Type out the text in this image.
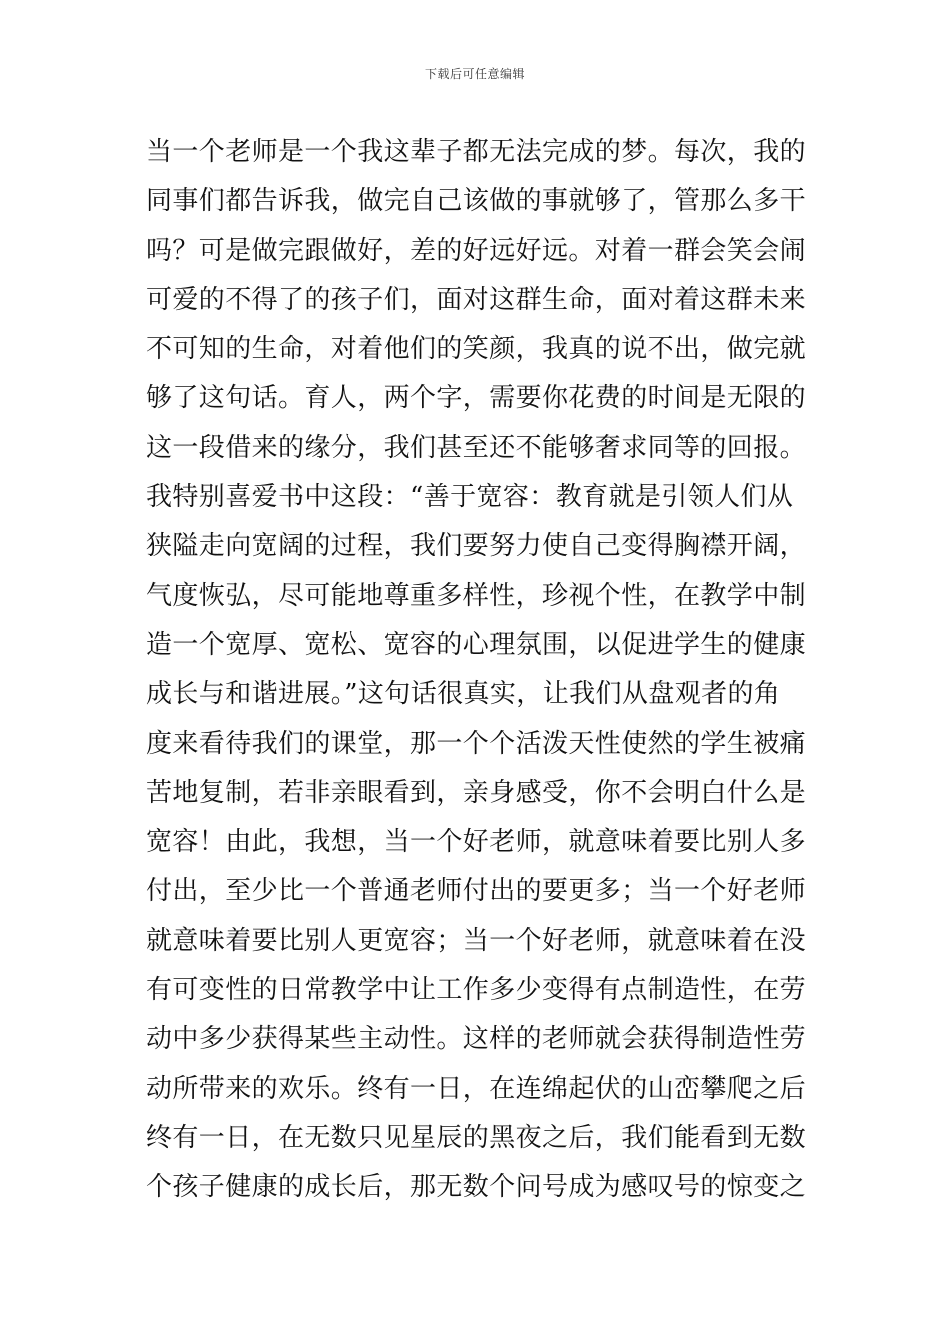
下载后可任意编辑
当一个老师是一个我这辈子都无法完成的梦。每次，我的
同事们都告诉我，做完自己该做的事就够了，管那么多干
吗？可是做完跟做好，差的好远好远。对着一群会笑会闹
可爱的不得了的孩子们，面对这群生命，面对着这群未来
不可知的生命，对着他们的笑颜，我真的说不出，做完就
够了这句话。育人，两个字，需要你花费的时间是无限的
这一段借来的缘分，我们甚至还不能够奢求同等的回报。
我特别喜爱书中这段：“善于宽容：教育就是引领人们从
狭隘走向宽阔的过程，我们要努力使自己变得胸襟开阔，
气度恢弘，尽可能地尊重多样性，珍视个性，在教学中制
造一个宽厚、宽松、宽容的心理氛围，以促进学生的健康
成长与和谐进展。”这句话很真实，让我们从盘观者的角
度来看待我们的课堂，那一个个活泼天性使然的学生被痛
苦地复制，若非亲眼看到，亲身感受，你不会明白什么是
宽容！由此，我想，当一个好老师，就意味着要比别人多
付出，至少比一个普通老师付出的要更多；当一个好老师
就意味着要比别人更宽容；当一个好老师，就意味着在没
有可变性的日常教学中让工作多少变得有点制造性，在劳
动中多少获得某些主动性。这样的老师就会获得制造性劳
动所带来的欢乐。终有一日，在连绵起伏的山峦攀爬之后
终有一日，在无数只见星辰的黑夜之后，我们能看到无数
个孩子健康的成长后，那无数个问号成为感叹号的惊变之
